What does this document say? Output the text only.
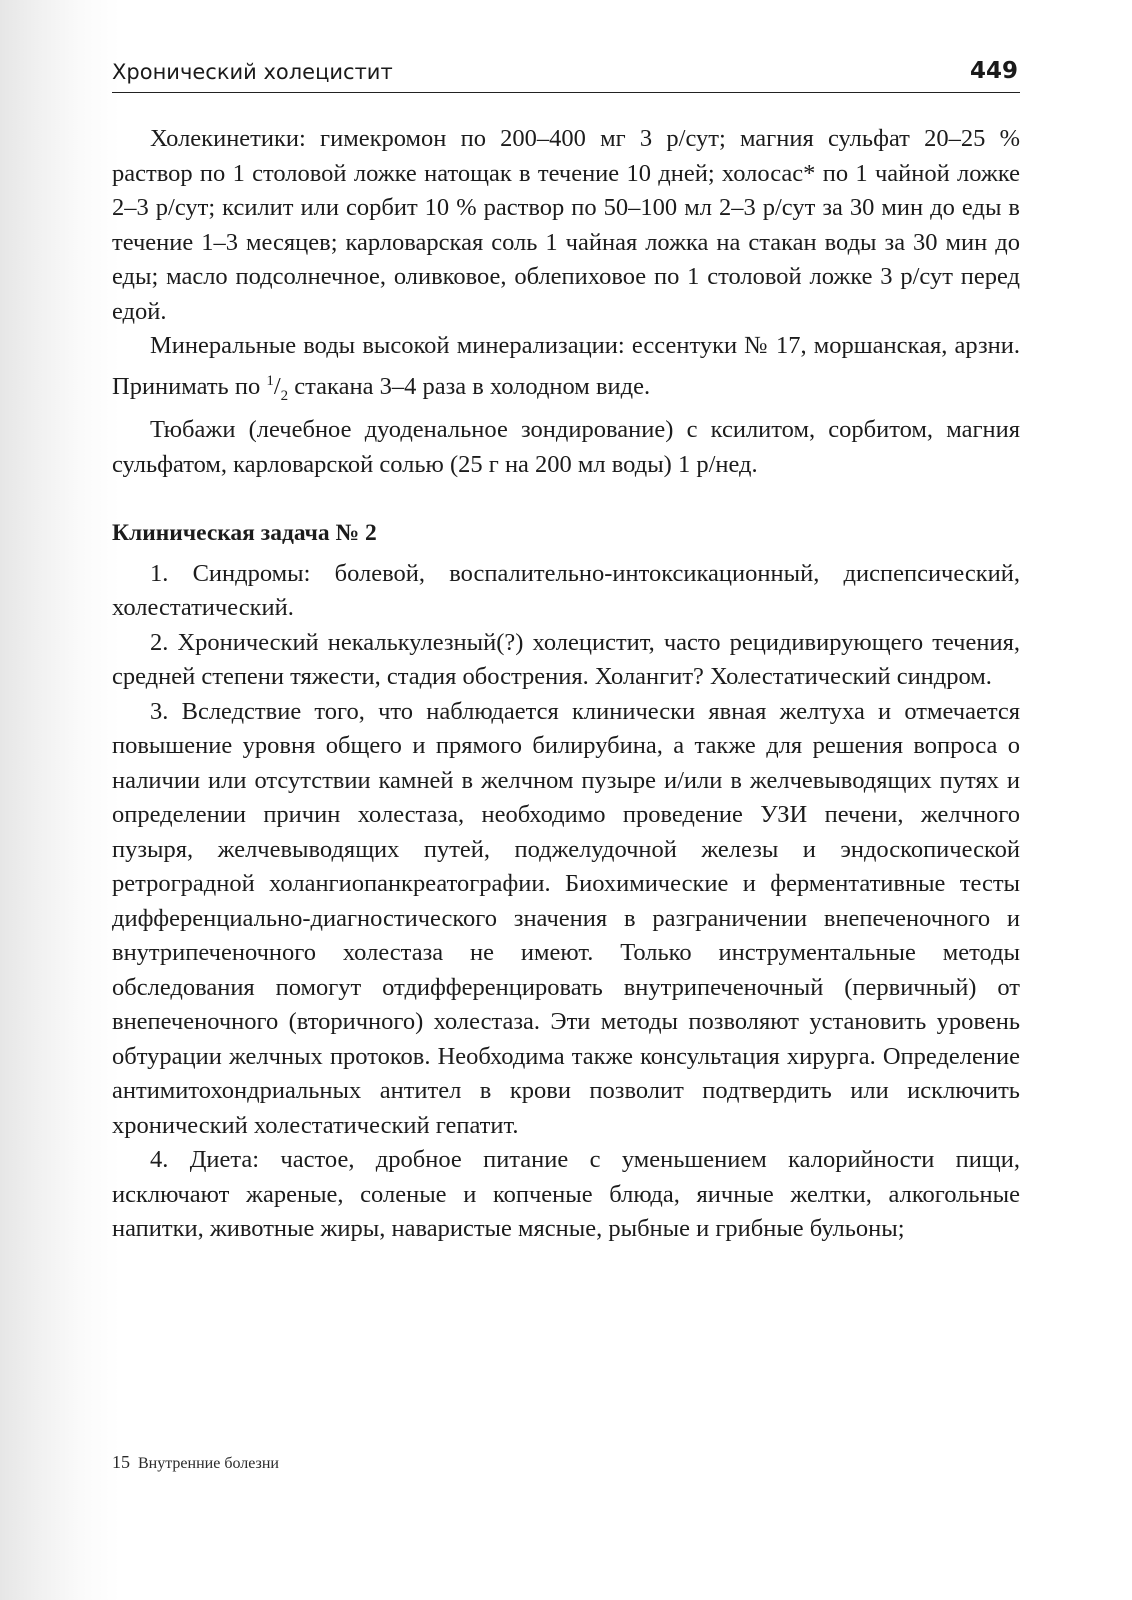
Хронический холецистит	449

Холекинетики: гимекромон по 200–400 мг 3 р/сут; магния сульфат 20–25 % раствор по 1 столовой ложке натощак в течение 10 дней; холосас* по 1 чайной ложке 2–3 р/сут; ксилит или сорбит 10 % раствор по 50–100 мл 2–3 р/сут за 30 мин до еды в течение 1–3 месяцев; карловарская соль 1 чайная ложка на стакан воды за 30 мин до еды; масло подсолнечное, оливковое, облепиховое по 1 столовой ложке 3 р/сут перед едой.

Минеральные воды высокой минерализации: ессентуки № 17, моршанская, арзни. Принимать по $^1/_2$ стакана 3–4 раза в холодном виде.

Тюбажи (лечебное дуоденальное зондирование) с ксилитом, сорбитом, магния сульфатом, карловарской солью (25 г на 200 мл воды) 1 р/нед.

Клиническая задача № 2

1. Синдромы: болевой, воспалительно-интоксикационный, диспепсический, холестатический.

2. Хронический некалькулезный(?) холецистит, часто рецидивирующего течения, средней степени тяжести, стадия обострения. Холангит? Холестатический синдром.

3. Вследствие того, что наблюдается клинически явная желтуха и отмечается повышение уровня общего и прямого билирубина, а также для решения вопроса о наличии или отсутствии камней в желчном пузыре и/или в желчевыводящих путях и определении причин холестаза, необходимо проведение УЗИ печени, желчного пузыря, желчевыводящих путей, поджелудочной железы и эндоскопической ретроградной холангиопанкреатографии. Биохимические и ферментативные тесты дифференциально-диагностического значения в разграничении внепеченочного и внутрипеченочного холестаза не имеют. Только инструментальные методы обследования помогут отдифференцировать внутрипеченочный (первичный) от внепеченочного (вторичного) холестаза. Эти методы позволяют установить уровень обтурации желчных протоков. Необходима также консультация хирурга. Определение антимитохондриальных антител в крови позволит подтвердить или исключить хронический холестатический гепатит.

4. Диета: частое, дробное питание с уменьшением калорийности пищи, исключают жареные, соленые и копченые блюда, яичные желтки, алкогольные напитки, животные жиры, наваристые мясные, рыбные и грибные бульоны;

15 Внутренние болезни
